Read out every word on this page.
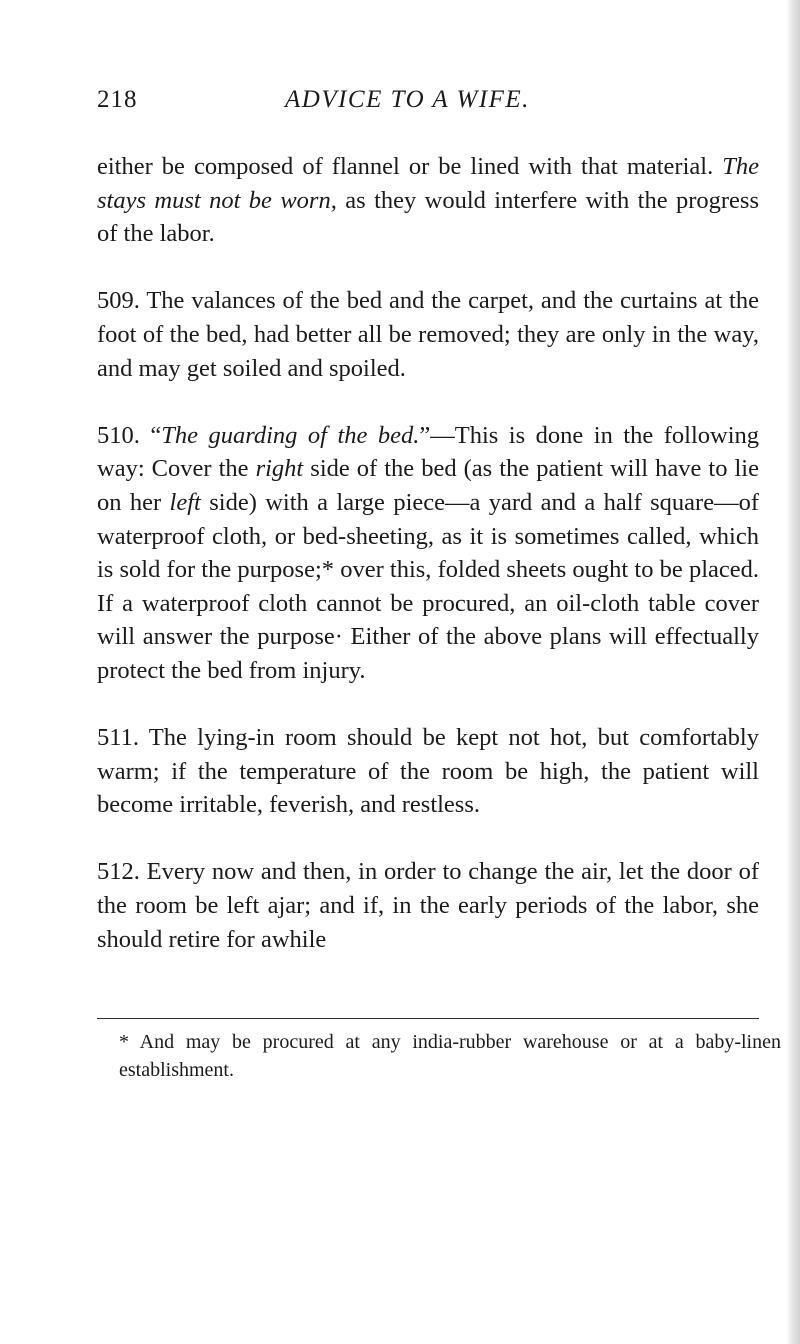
218	ADVICE TO A WIFE.

either be composed of flannel or be lined with that material. The stays must not be worn, as they would interfere with the progress of the labor.

509. The valances of the bed and the carpet, and the curtains at the foot of the bed, had better all be removed; they are only in the way, and may get soiled and spoiled.

510. “The guarding of the bed.”—This is done in the following way: Cover the right side of the bed (as the patient will have to lie on her left side) with a large piece—a yard and a half square—of waterproof cloth, or bed-sheeting, as it is sometimes called, which is sold for the purpose;* over this, folded sheets ought to be placed. If a waterproof cloth cannot be procured, an oil-cloth table cover will answer the purpose· Either of the above plans will effectually protect the bed from injury.

511. The lying-in room should be kept not hot, but comfortably warm; if the temperature of the room be high, the patient will become irritable, feverish, and restless.

512. Every now and then, in order to change the air, let the door of the room be left ajar; and if, in the early periods of the labor, she should retire for awhile

* And may be procured at any india-rubber warehouse or at a baby-linen establishment.
